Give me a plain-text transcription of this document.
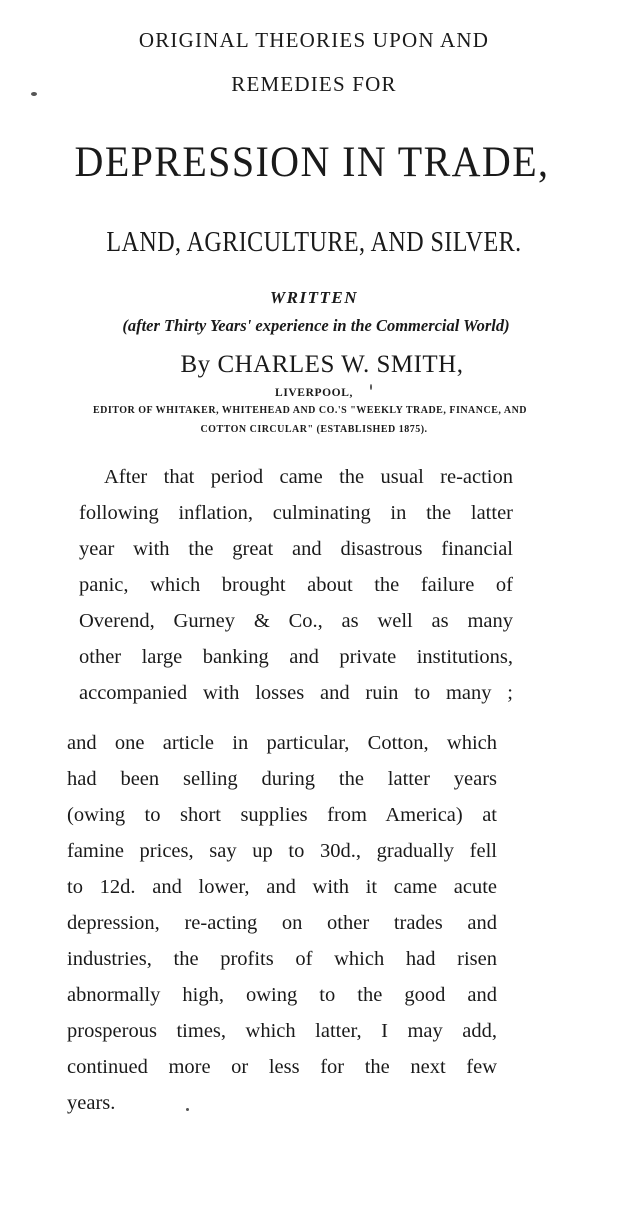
ORIGINAL THEORIES UPON AND
REMEDIES FOR
DEPRESSION IN TRADE,
LAND, AGRICULTURE, AND SILVER.
WRITTEN
(after Thirty Years' experience in the Commercial World)
By CHARLES W. SMITH,
LIVERPOOL,
EDITOR OF WHITAKER, WHITEHEAD AND CO.'S "WEEKLY TRADE, FINANCE, AND
COTTON CIRCULAR" (ESTABLISHED 1875).
After that period came the usual re-action
following inflation, culminating in the latter
year with the great and disastrous financial
panic, which brought about the failure of
Overend, Gurney & Co., as well as many
other large banking and private institutions,
accompanied with losses and ruin to many ;
and one article in particular, Cotton, which
had been selling during the latter years
(owing to short supplies from America) at
famine prices, say up to 30d., gradually fell
to 12d. and lower, and with it came acute
depression, re-acting on other trades and
industries, the profits of which had risen
abnormally high, owing to the good and
prosperous times, which latter, I may add,
continued more or less for the next few
years.
